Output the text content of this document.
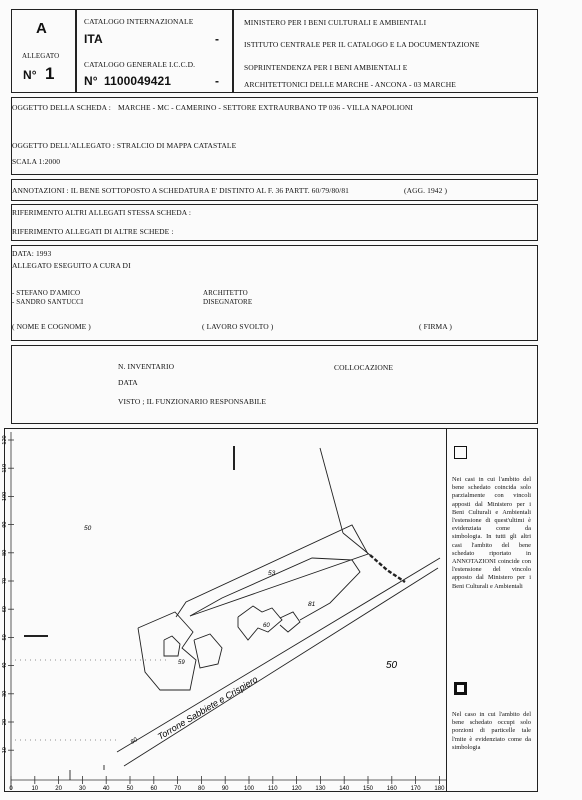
A
ALLEGATO
N° 1
CATALOGO INTERNAZIONALE
ITA	-
CATALOGO GENERALE I.C.C.D.
N° 1100049421	-
MINISTERO PER I BENI CULTURALI E AMBIENTALI
ISTITUTO CENTRALE PER IL CATALOGO E LA DOCUMENTAZIONE
SOPRINTENDENZA PER I BENI AMBIENTALI E
ARCHITETTONICI DELLE MARCHE - ANCONA - 03 MARCHE
OGGETTO DELLA SCHEDA : MARCHE - MC - CAMERINO - SETTORE EXTRAURBANO TP 036 - VILLA NAPOLIONI
OGGETTO DELL'ALLEGATO : STRALCIO DI MAPPA CATASTALE
SCALA 1:2000
ANNOTAZIONI : IL BENE SOTTOPOSTO A SCHEDATURA E' DISTINTO AL F. 36 PARTT. 60/79/80/81	(AGG. 1942 )
RIFERIMENTO ALTRI ALLEGATI STESSA SCHEDA :
RIFERIMENTO ALLEGATI DI ALTRE SCHEDE :
DATA: 1993
ALLEGATO ESEGUITO A CURA DI
- STEFANO D'AMICO
- SANDRO SANTUCCI
ARCHITETTO
DISEGNATORE
( NOME E COGNOME )	( LAVORO SVOLTO )	( FIRMA )
N. INVENTARIO	COLLOCAZIONE
DATA
VISTO ; IL FUNZIONARIO RESPONSABILE
120
110
100
90
80
70
60
50
40
30
20
10
0	10	20	30	40	50	60	70	80	90	100 110 120 130 140 150 160 170 180
50
53
81
60
59	50
80 Torrone Sabbiete e Crispiero
Nei casi in cui l'ambito del bene schedato coincida solo parzialmente con vincoli apposti dal Ministero per i Beni Culturali e Ambientali l'estensione di quest'ultimi è evidenziata come da simbologia. In tutti gli altri casi l'ambito del bene schedato riportato in ANNOTAZIONI coincide con l'estensione del vincolo apposto dal Ministero per i Beni Culturali e Ambientali
Nel caso in cui l'ambito del bene schedato occupi solo porzioni di particelle tale l'mite è evidenziato come da simbologia
